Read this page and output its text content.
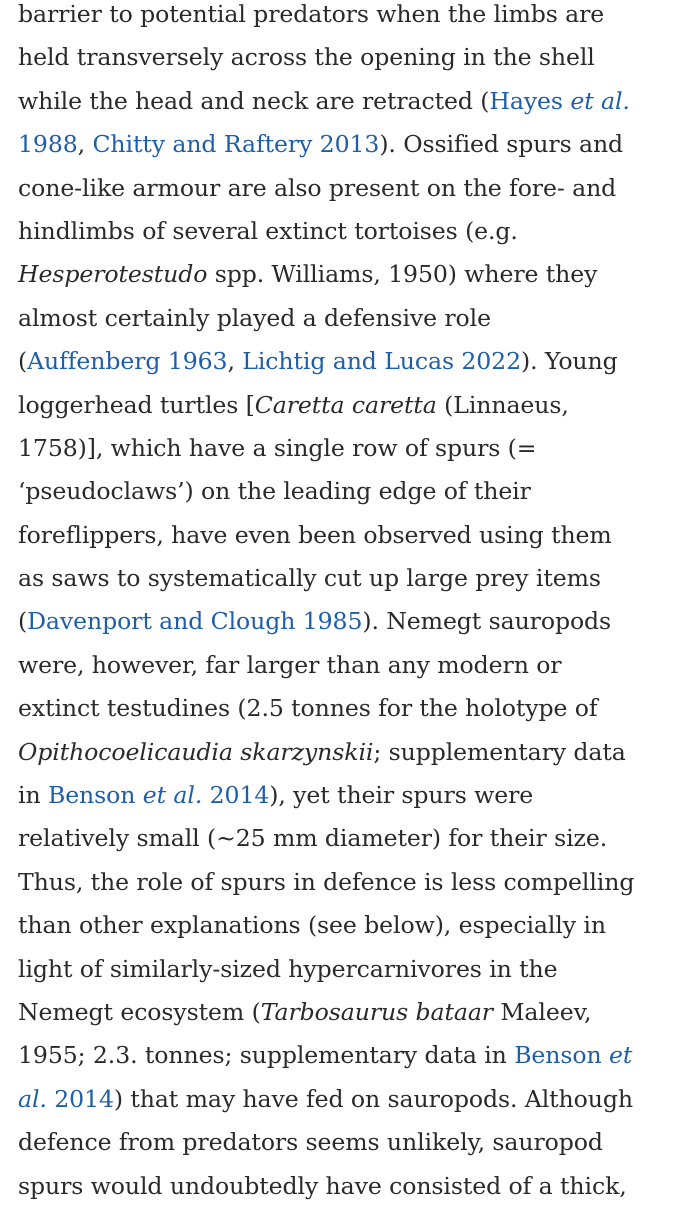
barrier to potential predators when the limbs are
held transversely across the opening in the shell
while the head and neck are retracted (Hayes et al.
1988, Chitty and Raftery 2013). Ossified spurs and
cone-like armour are also present on the fore- and
hindlimbs of several extinct tortoises (e.g.
Hesperotestudo spp. Williams, 1950) where they
almost certainly played a defensive role
(Auffenberg 1963, Lichtig and Lucas 2022). Young
loggerhead turtles [Caretta caretta (Linnaeus,
1758)], which have a single row of spurs (=
‘pseudoclaws’) on the leading edge of their
foreflippers, have even been observed using them
as saws to systematically cut up large prey items
(Davenport and Clough 1985). Nemegt sauropods
were, however, far larger than any modern or
extinct testudines (2.5 tonnes for the holotype of
Opithocoelicaudia skarzynskii; supplementary data
in Benson et al. 2014), yet their spurs were
relatively small (~25 mm diameter) for their size.
Thus, the role of spurs in defence is less compelling
than other explanations (see below), especially in
light of similarly-sized hypercarnivores in the
Nemegt ecosystem (Tarbosaurus bataar Maleev,
1955; 2.3. tonnes; supplementary data in Benson et
al. 2014) that may have fed on sauropods. Although
defence from predators seems unlikely, sauropod
spurs would undoubtedly have consisted of a thick,
